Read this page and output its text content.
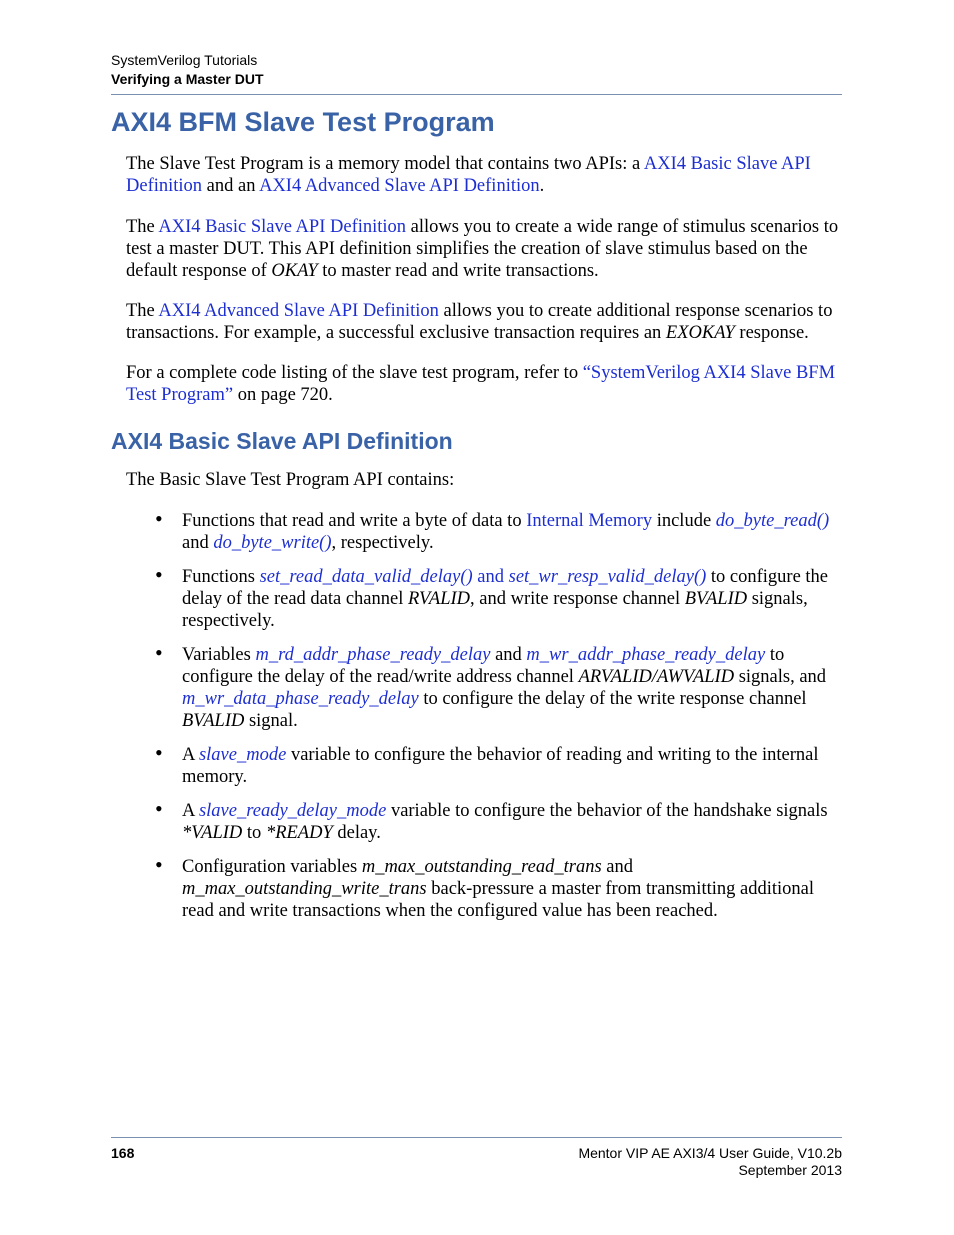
SystemVerilog Tutorials
Verifying a Master DUT
AXI4 BFM Slave Test Program

The Slave Test Program is a memory model that contains two APIs: a AXI4 Basic Slave API
Definition and an AXI4 Advanced Slave API Definition.

The AXI4 Basic Slave API Definition allows you to create a wide range of stimulus scenarios to test a master DUT. This API definition simplifies the creation of slave stimulus based on the default response of OKAY to master read and write transactions.

The AXI4 Advanced Slave API Definition allows you to create additional response scenarios to transactions. For example, a successful exclusive transaction requires an EXOKAY response.

For a complete code listing of the slave test program, refer to “SystemVerilog AXI4 Slave BFM
Test Program” on page 720.

AXI4 Basic Slave API Definition

The Basic Slave Test Program API contains:

• Functions that read and write a byte of data to Internal Memory include do_byte_read()
and do_byte_write(), respectively.

• Functions set_read_data_valid_delay() and set_wr_resp_valid_delay() to configure the delay of the read data channel RVALID, and write response channel BVALID signals, respectively.

• Variables m_rd_addr_phase_ready_delay and m_wr_addr_phase_ready_delay to configure the delay of the read/write address channel ARVALID/AWVALID signals, and m_wr_data_phase_ready_delay to configure the delay of the write response channel BVALID signal.

• A slave_mode variable to configure the behavior of reading and writing to the internal memory.

• A slave_ready_delay_mode variable to configure the behavior of the handshake signals *VALID to *READY delay.

• Configuration variables m_max_outstanding_read_trans and
m_max_outstanding_write_trans back-pressure a master from transmitting additional read and write transactions when the configured value has been reached.

168	Mentor VIP AE AXI3/4 User Guide, V10.2b
September 2013
